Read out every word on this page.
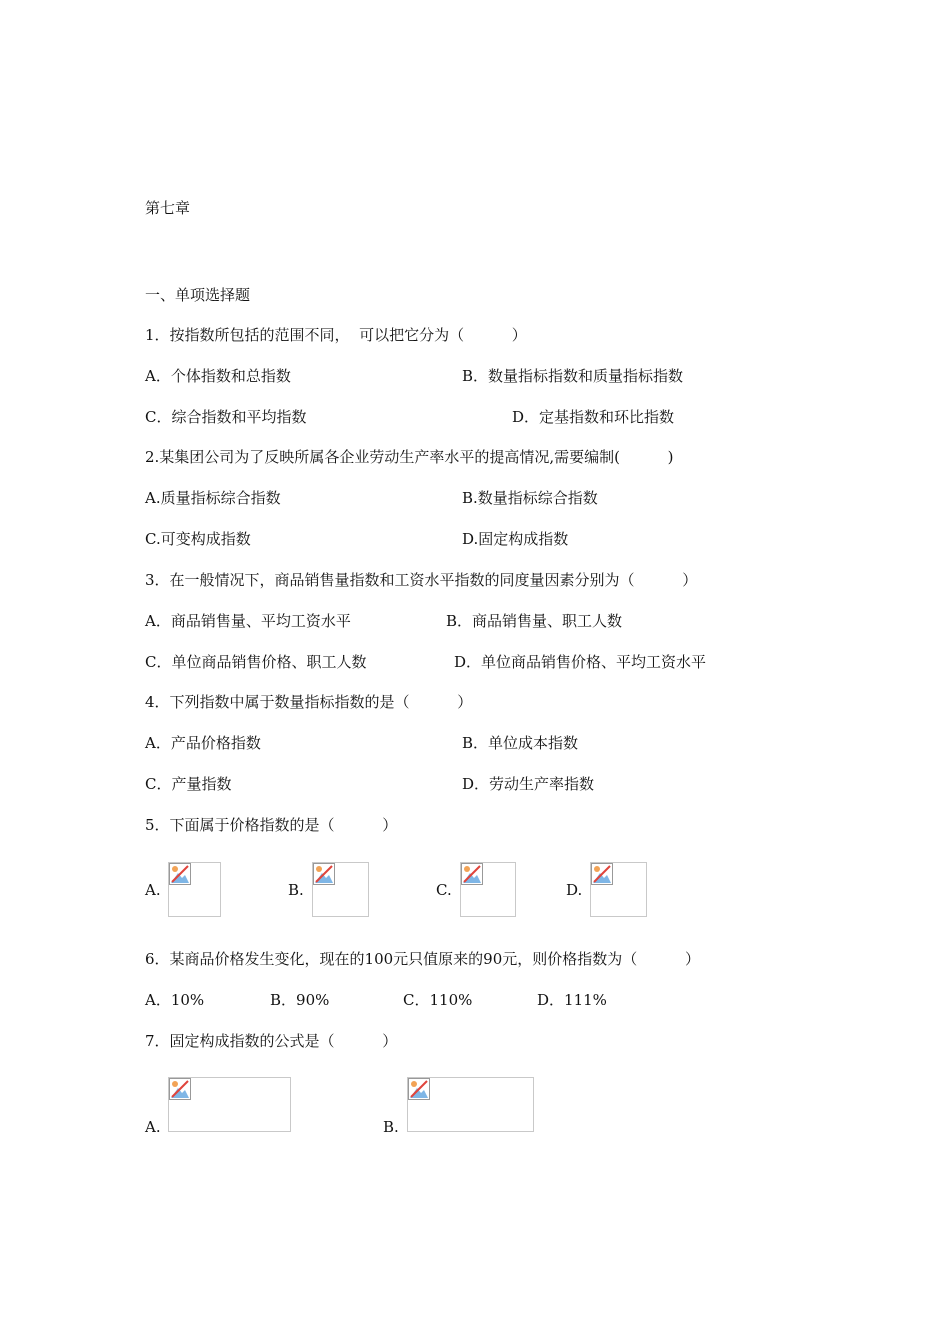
第七章
一、单项选择题
1．按指数所包括的范围不同，  可以把它分为（          ）
A．个体指数和总指数	B．数量指标指数和质量指标指数
C．综合指数和平均指数	D．定基指数和环比指数
2.某集团公司为了反映所属各企业劳动生产率水平的提高情况,需要编制(          )
A.质量指标综合指数	B.数量指标综合指数
C.可变构成指数	D.固定构成指数
3．在一般情况下，商品销售量指数和工资水平指数的同度量因素分别为（          ）
A．商品销售量、平均工资水平	B．商品销售量、职工人数
C．单位商品销售价格、职工人数	D．单位商品销售价格、平均工资水平
4．下列指数中属于数量指标指数的是（          ）
A．产品价格指数	B．单位成本指数
C．产量指数	D．劳动生产率指数
5．下面属于价格指数的是（          ）
A.	B.	C.	D.
6．某商品价格发生变化，现在的100元只值原来的90元，则价格指数为（          ）
A．10%	B．90%	C．110%	D．111%
7．固定构成指数的公式是（          ）
A.	B.
